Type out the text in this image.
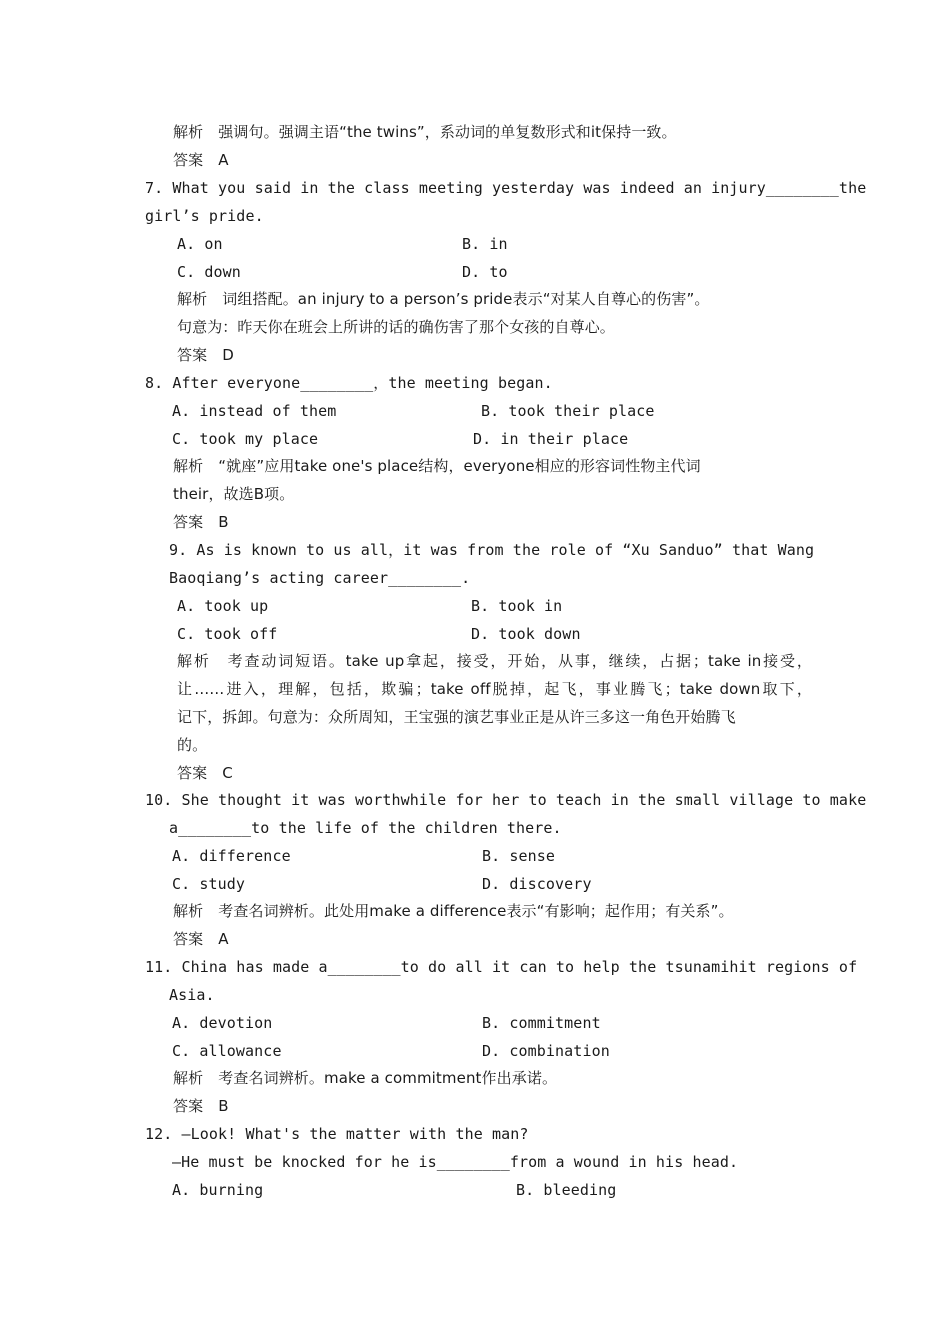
解析　强调句。强调主语“the twins”，系动词的单复数形式和it保持一致。
答案　A
7. What you said in the class meeting yesterday was indeed an injury________the
girl’s pride.
A. on	B. in
C. down	D. to
解析　词组搭配。an injury to a person’s pride表示“对某人自尊心的伤害”。
句意为：昨天你在班会上所讲的话的确伤害了那个女孩的自尊心。
答案　D
8. After everyone________，the meeting began.
A. instead of them	B. took their place
C. took my place	D. in their place
解析　“就座”应用take one's place结构，everyone相应的形容词性物主代词
their，故选B项。
答案　B
9. As is known to us all，it was from the role of “Xu Sanduo” that Wang
Baoqiang’s acting career________.
A. took up	B. took in
C. took off	D. took down
解析　考查动词短语。take up拿起，接受，开始，从事，继续，占据；take in接受，
让……进入，理解，包括，欺骗；take off脱掉，起飞，事业腾飞；take down取下，
记下，拆卸。句意为：众所周知，王宝强的演艺事业正是从许三多这一角色开始腾飞
的。
答案　C
10. She thought it was worthwhile for her to teach in the small village to make
a________to the life of the children there.
A. difference	B. sense
C. study	D. discovery
解析　考查名词辨析。此处用make a difference表示“有影响；起作用；有关系”。
答案　A
11. China has made a________to do all it can to help the tsunamihit regions of
Asia.
A. devotion	B. commitment
C. allowance	D. combination
解析　考查名词辨析。make a commitment作出承诺。
答案　B
12. —Look! What's the matter with the man?
—He must be knocked for he is________from a wound in his head.
A. burning	B. bleeding
